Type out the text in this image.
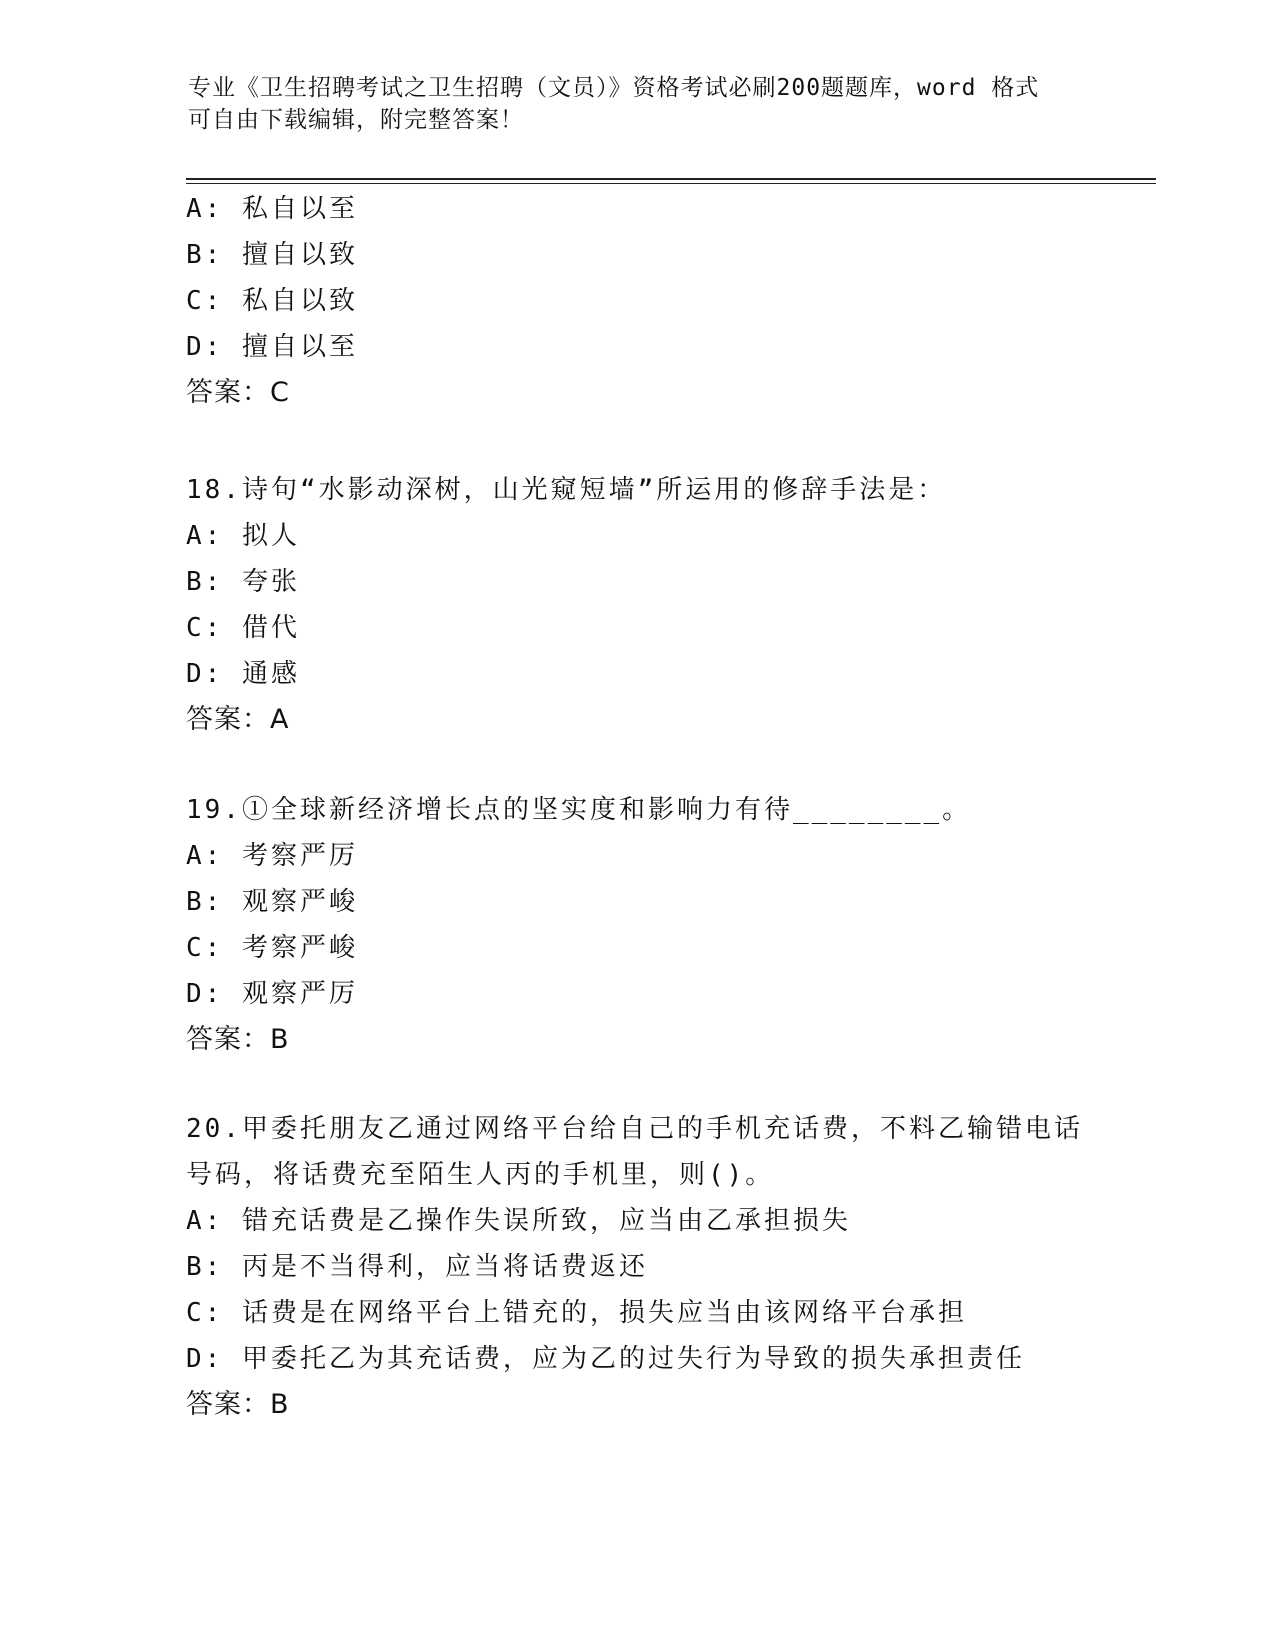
专业《卫生招聘考试之卫生招聘（文员）》资格考试必刷200题题库，word 格式
可自由下载编辑，附完整答案！
A: 私自以至
B: 擅自以致
C: 私自以致
D: 擅自以至
答案：C
18.诗句“水影动深树，山光窥短墙”所运用的修辞手法是：
A: 拟人
B: 夸张
C: 借代
D: 通感
答案：A
19.①全球新经济增长点的坚实度和影响力有待________。
A: 考察严厉
B: 观察严峻
C: 考察严峻
D: 观察严厉
答案：B
20.甲委托朋友乙通过网络平台给自己的手机充话费，不料乙输错电话
号码，将话费充至陌生人丙的手机里，则()。
A: 错充话费是乙操作失误所致，应当由乙承担损失
B: 丙是不当得利，应当将话费返还
C: 话费是在网络平台上错充的，损失应当由该网络平台承担
D: 甲委托乙为其充话费，应为乙的过失行为导致的损失承担责任
答案：B
